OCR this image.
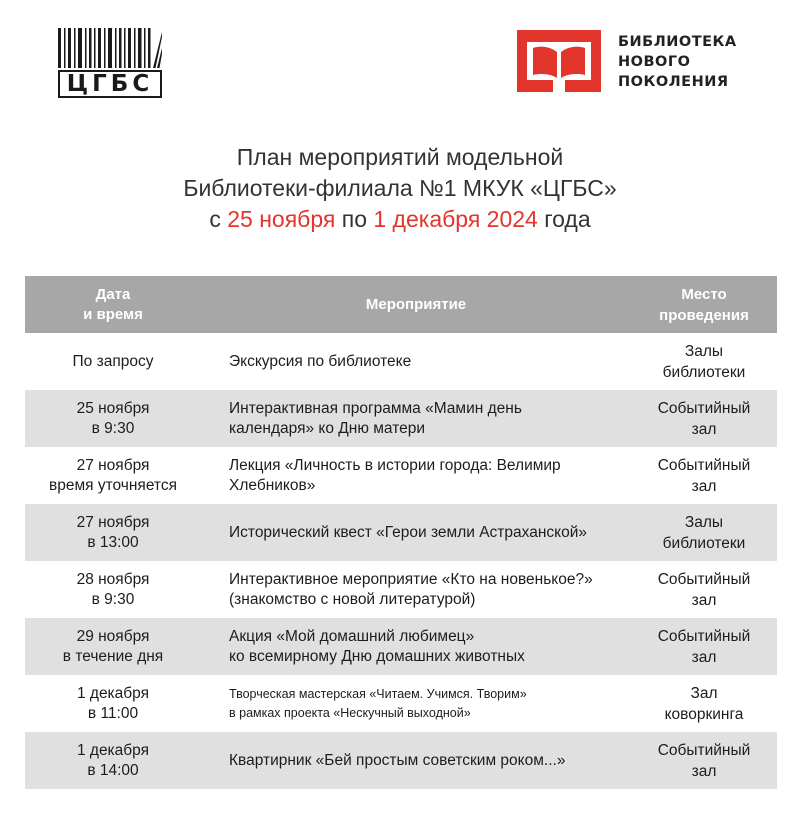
ЦГБС
БИБЛИОТЕКА
НОВОГО
ПОКОЛЕНИЯ
План мероприятий модельной
Библиотеки-филиала №1 МКУК «ЦГБС»
с 25 ноября по 1 декабря 2024 года
Дата
и время
Мероприятие
Место
проведения
По запросу	Экскурсия по библиотеке
Залы
библиотеки
25 ноября
в 9:30
Интерактивная программа «Мамин день
календаря» ко Дню матери
Событийный
зал
27 ноября
время уточняется
Лекция «Личность в истории города: Велимир
Хлебников»
Событийный
зал
27 ноября
в 13:00
Исторический квест «Герои земли Астраханской»
Залы
библиотеки
28 ноября
в 9:30
Интерактивное мероприятие «Кто на новенькое?»
(знакомство с новой литературой)
Событийный
зал
29 ноября
в течение дня
Акция «Мой домашний любимец»
ко всемирному Дню домашних животных
Событийный
зал
1 декабря
в 11:00
Творческая мастерская «Читаем. Учимся. Творим»
в рамках проекта «Нескучный выходной»
Зал
коворкинга
1 декабря
в 14:00
Квартирник «Бей простым советским роком...»
Событийный
зал
